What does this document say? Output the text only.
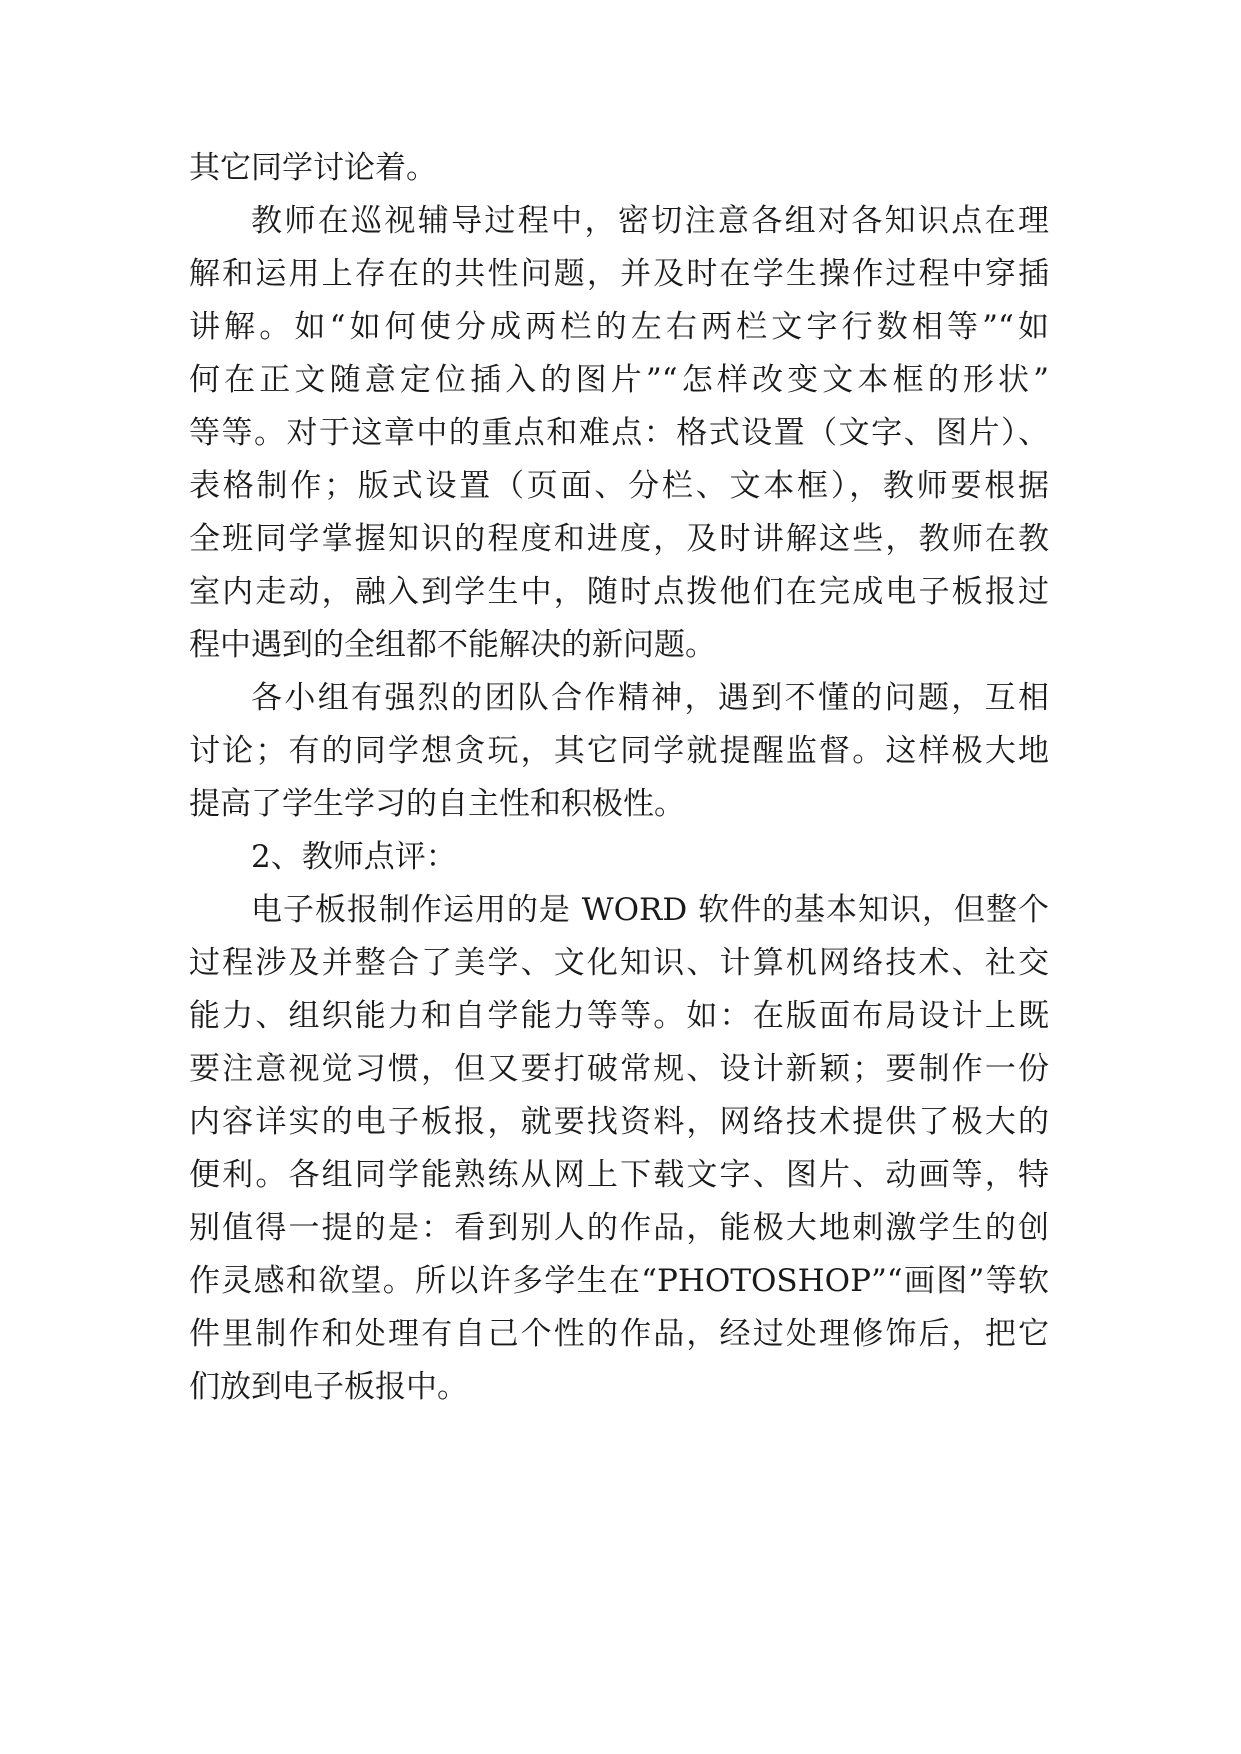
其它同学讨论着。
教师在巡视辅导过程中，密切注意各组对各知识点在理
解和运用上存在的共性问题，并及时在学生操作过程中穿插
讲解。如“如何使分成两栏的左右两栏文字行数相等”“如
何在正文随意定位插入的图片”“怎样改变文本框的形状”
等等。对于这章中的重点和难点：格式设置（文字、图片）、
表格制作；版式设置（页面、分栏、文本框），教师要根据
全班同学掌握知识的程度和进度，及时讲解这些，教师在教
室内走动，融入到学生中，随时点拨他们在完成电子板报过
程中遇到的全组都不能解决的新问题。
各小组有强烈的团队合作精神，遇到不懂的问题，互相
讨论；有的同学想贪玩，其它同学就提醒监督。这样极大地
提高了学生学习的自主性和积极性。
2、教师点评：
电子板报制作运用的是 WORD 软件的基本知识，但整个
过程涉及并整合了美学、文化知识、计算机网络技术、社交
能力、组织能力和自学能力等等。如：在版面布局设计上既
要注意视觉习惯，但又要打破常规、设计新颖；要制作一份
内容详实的电子板报，就要找资料，网络技术提供了极大的
便利。各组同学能熟练从网上下载文字、图片、动画等，特
别值得一提的是：看到别人的作品，能极大地刺激学生的创
作灵感和欲望。所以许多学生在“PHOTOSHOP”“画图”等软
件里制作和处理有自己个性的作品，经过处理修饰后，把它
们放到电子板报中。
